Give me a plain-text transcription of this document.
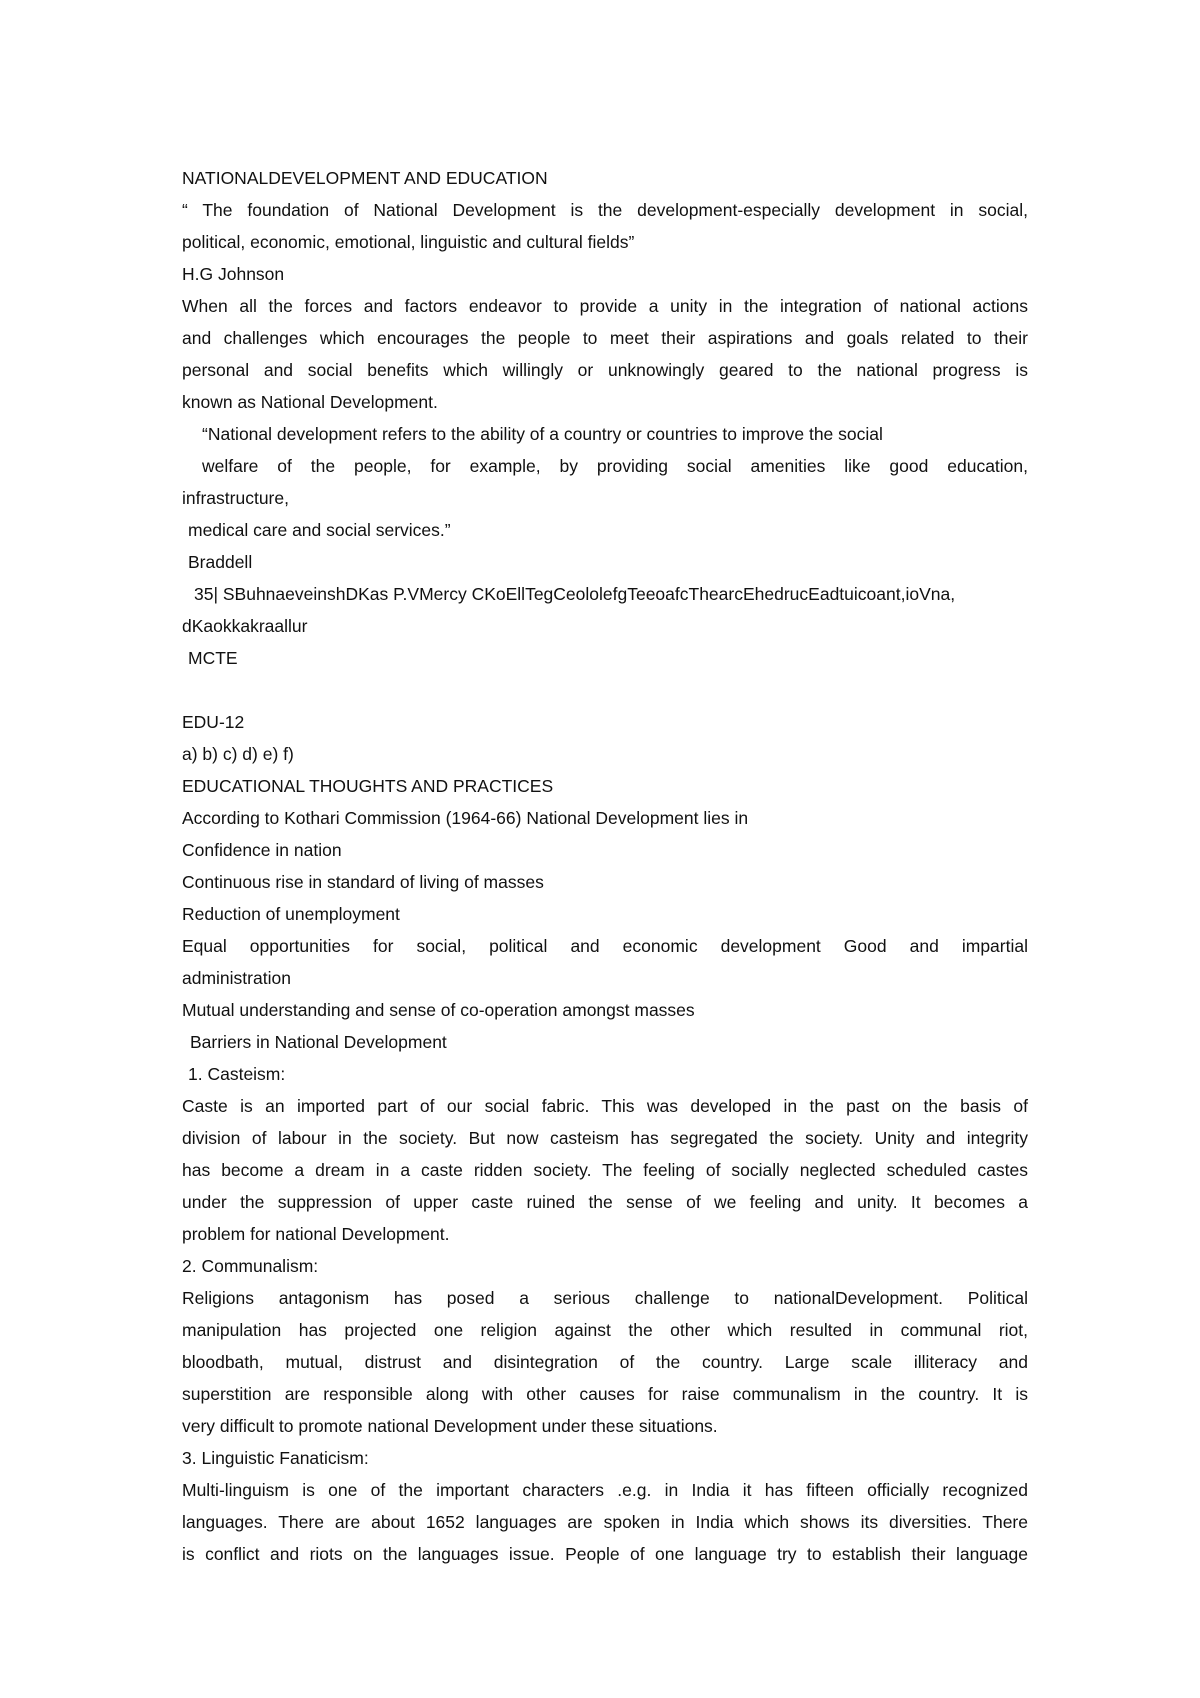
NATIONALDEVELOPMENT AND EDUCATION
“ The foundation of National Development is the development-especially development in social,
political, economic, emotional, linguistic and cultural fields”
H.G Johnson
When all the forces and factors endeavor to provide a unity in the integration of national actions
and challenges which encourages the people to meet their aspirations and goals related to their
personal and social benefits which willingly or unknowingly geared to the national progress is
known as National Development.
“National development refers to the ability of a country or countries to improve the social
welfare of the people, for example, by providing social amenities like good education,
infrastructure,
medical care and social services.”
Braddell
35| SBuhnaeveinshDKas P.VMercy CKoEllTegCeololefgTeeoafcThearcEhedrucEadtuicoant,ioVna,
dKaokkakraallur
MCTE
EDU-12
a) b) c) d) e) f)
EDUCATIONAL THOUGHTS AND PRACTICES
According to Kothari Commission (1964-66) National Development lies in
Confidence in nation
Continuous rise in standard of living of masses
Reduction of unemployment
Equal opportunities for social, political and economic development Good and impartial
administration
Mutual understanding and sense of co-operation amongst masses
Barriers in National Development
1. Casteism:
Caste is an imported part of our social fabric. This was developed in the past on the basis of
division of labour in the society. But now casteism has segregated the society. Unity and integrity
has become a dream in a caste ridden society. The feeling of socially neglected scheduled castes
under the suppression of upper caste ruined the sense of we feeling and unity. It becomes a
problem for national Development.
2. Communalism:
Religions antagonism has posed a serious challenge to nationalDevelopment. Political
manipulation has projected one religion against the other which resulted in communal riot,
bloodbath, mutual, distrust and disintegration of the country. Large scale illiteracy and
superstition are responsible along with other causes for raise communalism in the country. It is
very difficult to promote national Development under these situations.
3. Linguistic Fanaticism:
Multi-linguism is one of the important characters .e.g. in India it has fifteen officially recognized
languages. There are about 1652 languages are spoken in India which shows its diversities. There
is conflict and riots on the languages issue. People of one language try to establish their language
